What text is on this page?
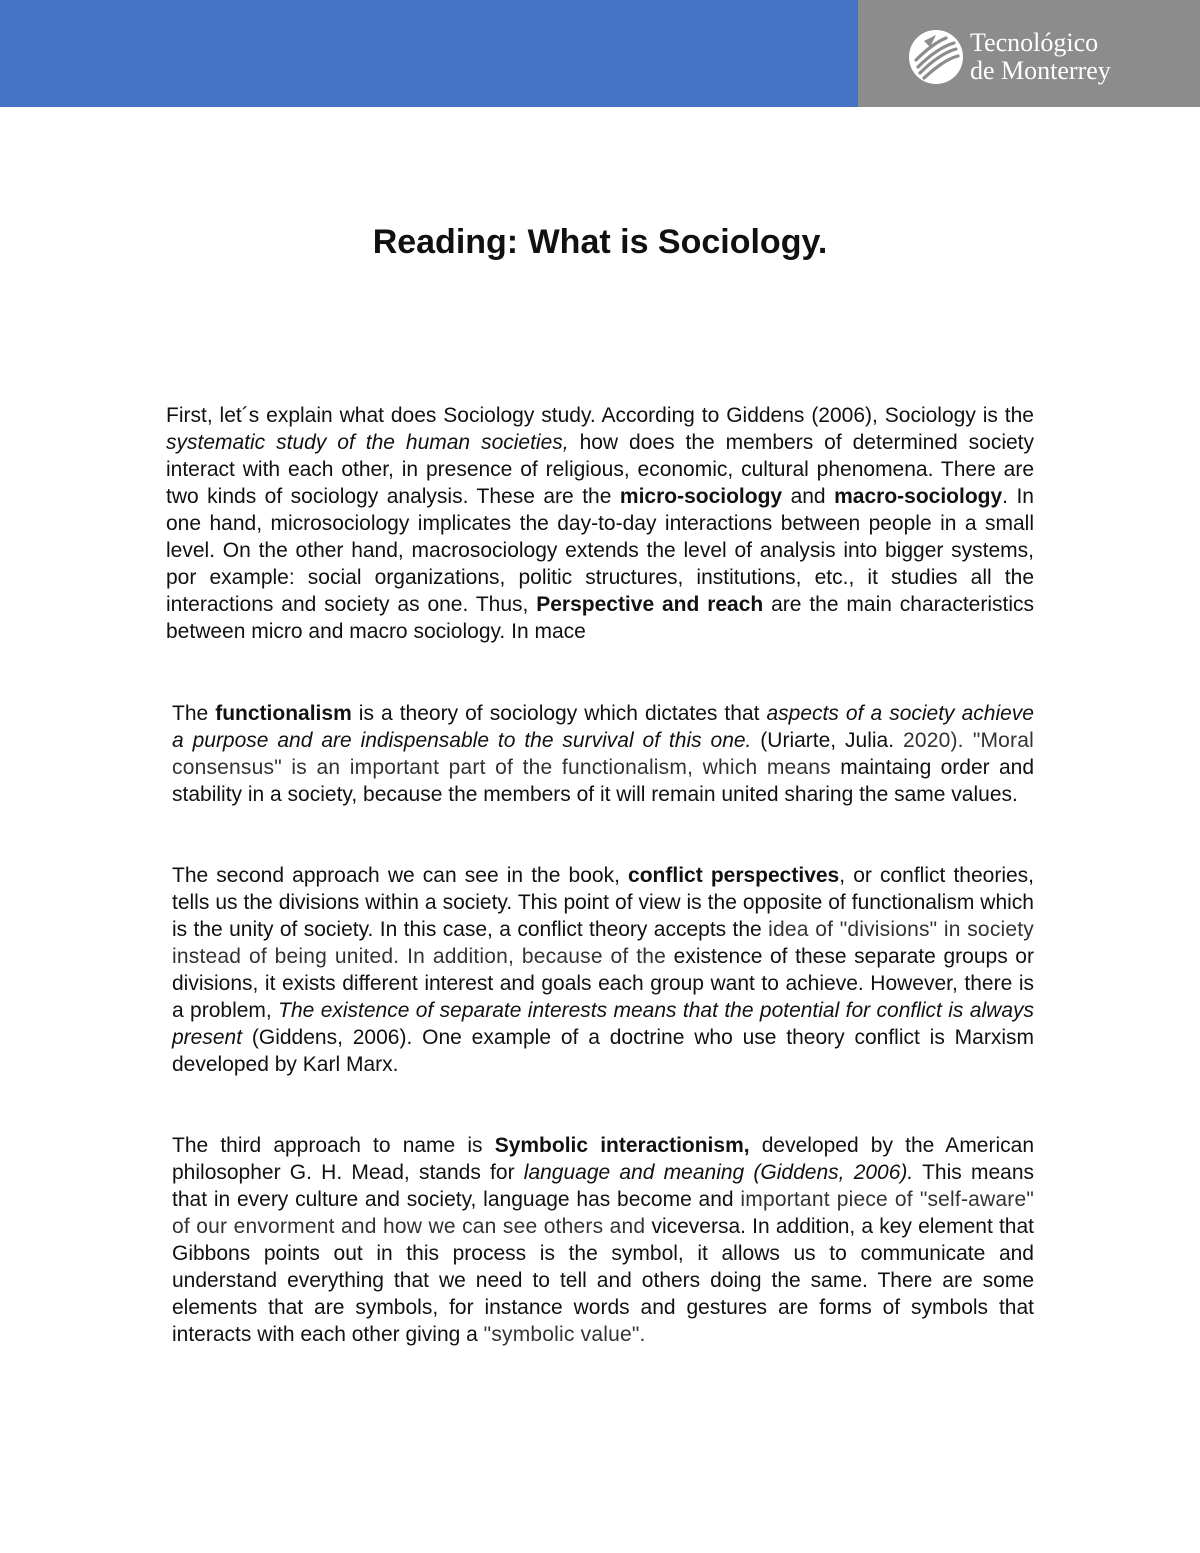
Tecnológico
de Monterrey
Reading: What is Sociology.

First, let´s explain what does Sociology study. According to Giddens (2006), Sociology is the systematic study of the human societies, how does the members of determined society interact with each other, in presence of religious, economic, cultural phenomena. There are two kinds of sociology analysis. These are the micro-sociology and macro-sociology. In one hand, microsociology implicates the day-to-day interactions between people in a small level. On the other hand, macrosociology extends the level of analysis into bigger systems, por example: social organizations, politic structures, institutions, etc., it studies all the interactions and society as one. Thus, Perspective and reach are the main characteristics between micro and macro sociology. In mace

The functionalism is a theory of sociology which dictates that aspects of a society achieve a purpose and are indispensable to the survival of this one. (Uriarte, Julia. 2020). "Moral consensus" is an important part of the functionalism, which means maintaing order and stability in a society, because the members of it will remain united sharing the same values.

The second approach we can see in the book, conflict perspectives, or conflict theories, tells us the divisions within a society. This point of view is the opposite of functionalism which is the unity of society. In this case, a conflict theory accepts the idea of "divisions" in society instead of being united. In addition, because of the existence of these separate groups or divisions, it exists different interest and goals each group want to achieve. However, there is a problem, The existence of separate interests means that the potential for conflict is always present (Giddens, 2006). One example of a doctrine who use theory conflict is Marxism developed by Karl Marx.

The third approach to name is Symbolic interactionism, developed by the American philosopher G. H. Mead, stands for language and meaning (Giddens, 2006). This means that in every culture and society, language has become and important piece of "self-aware" of our envorment and how we can see others and viceversa. In addition, a key element that Gibbons points out in this process is the symbol, it allows us to communicate and understand everything that we need to tell and others doing the same. There are some elements that are symbols, for instance words and gestures are forms of symbols that interacts with each other giving a "symbolic value".
